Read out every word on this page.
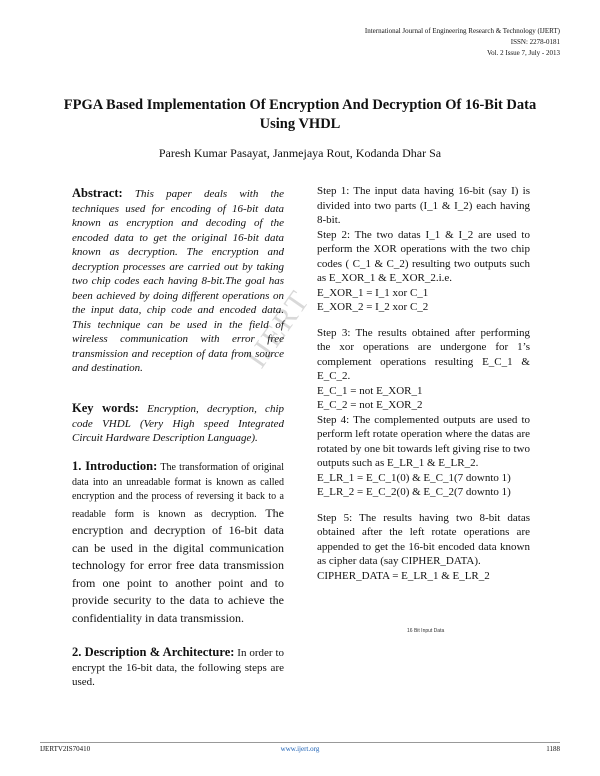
International Journal of Engineering Research & Technology (IJERT)
ISSN: 2278-0181
Vol. 2 Issue 7, July - 2013
FPGA Based Implementation Of Encryption And Decryption Of 16-Bit Data Using VHDL
Paresh Kumar Pasayat, Janmejaya Rout, Kodanda Dhar Sa
IJERT

Abstract: This paper deals with the techniques used for encoding of 16-bit data known as encryption and decoding of the encoded data to get the original 16-bit data known as decryption. The encryption and decryption processes are carried out by taking two chip codes each having 8-bit.The goal has been achieved by doing different operations on the input data, chip code and encoded data. This technique can be used in the field of wireless communication with error free transmission and reception of data from source and destination.

Key words: Encryption, decryption, chip code VHDL (Very High speed Integrated Circuit Hardware Description Language).

1. Introduction: The transformation of original data into an unreadable format is known as called encryption and the process of reversing it back to a readable form is known as decryption. The encryption and decryption of 16-bit data can be used in the digital communication technology for error free data transmission from one point to another point and to provide security to the data to achieve the confidentiality in data transmission.

2. Description & Architecture: In order to encrypt the 16-bit data, the following steps are used.

Step 1: The input data having 16-bit (say I) is divided into two parts (I_1 & I_2) each having 8-bit.

Step 2: The two datas I_1 & I_2 are used to perform the XOR operations with the two chip codes ( C_1 & C_2) resulting two outputs such as E_XOR_1 & E_XOR_2.i.e.

E_XOR_1 = I_1 xor C_1

E_XOR_2 = I_2 xor C_2

Step 3: The results obtained after performing the xor operations are undergone for 1’s complement operations resulting E_C_1 & E_C_2.

E_C_1 = not E_XOR_1

E_C_2 = not E_XOR_2

Step 4: The complemented outputs are used to perform left rotate operation where the datas are rotated by one bit towards left giving rise to two outputs such as E_LR_1 & E_LR_2.

E_LR_1 = E_C_1(0) & E_C_1(7 downto 1)

E_LR_2 = E_C_2(0) & E_C_2(7 downto 1)

Step 5: The results having two 8-bit datas obtained after the left rotate operations are appended to get the 16-bit encoded data known as cipher data (say CIPHER_DATA).

CIPHER_DATA = E_LR_1 & E_LR_2

16 Bit Input Data
IJERTV2IS70410	www.ijert.org	1188
